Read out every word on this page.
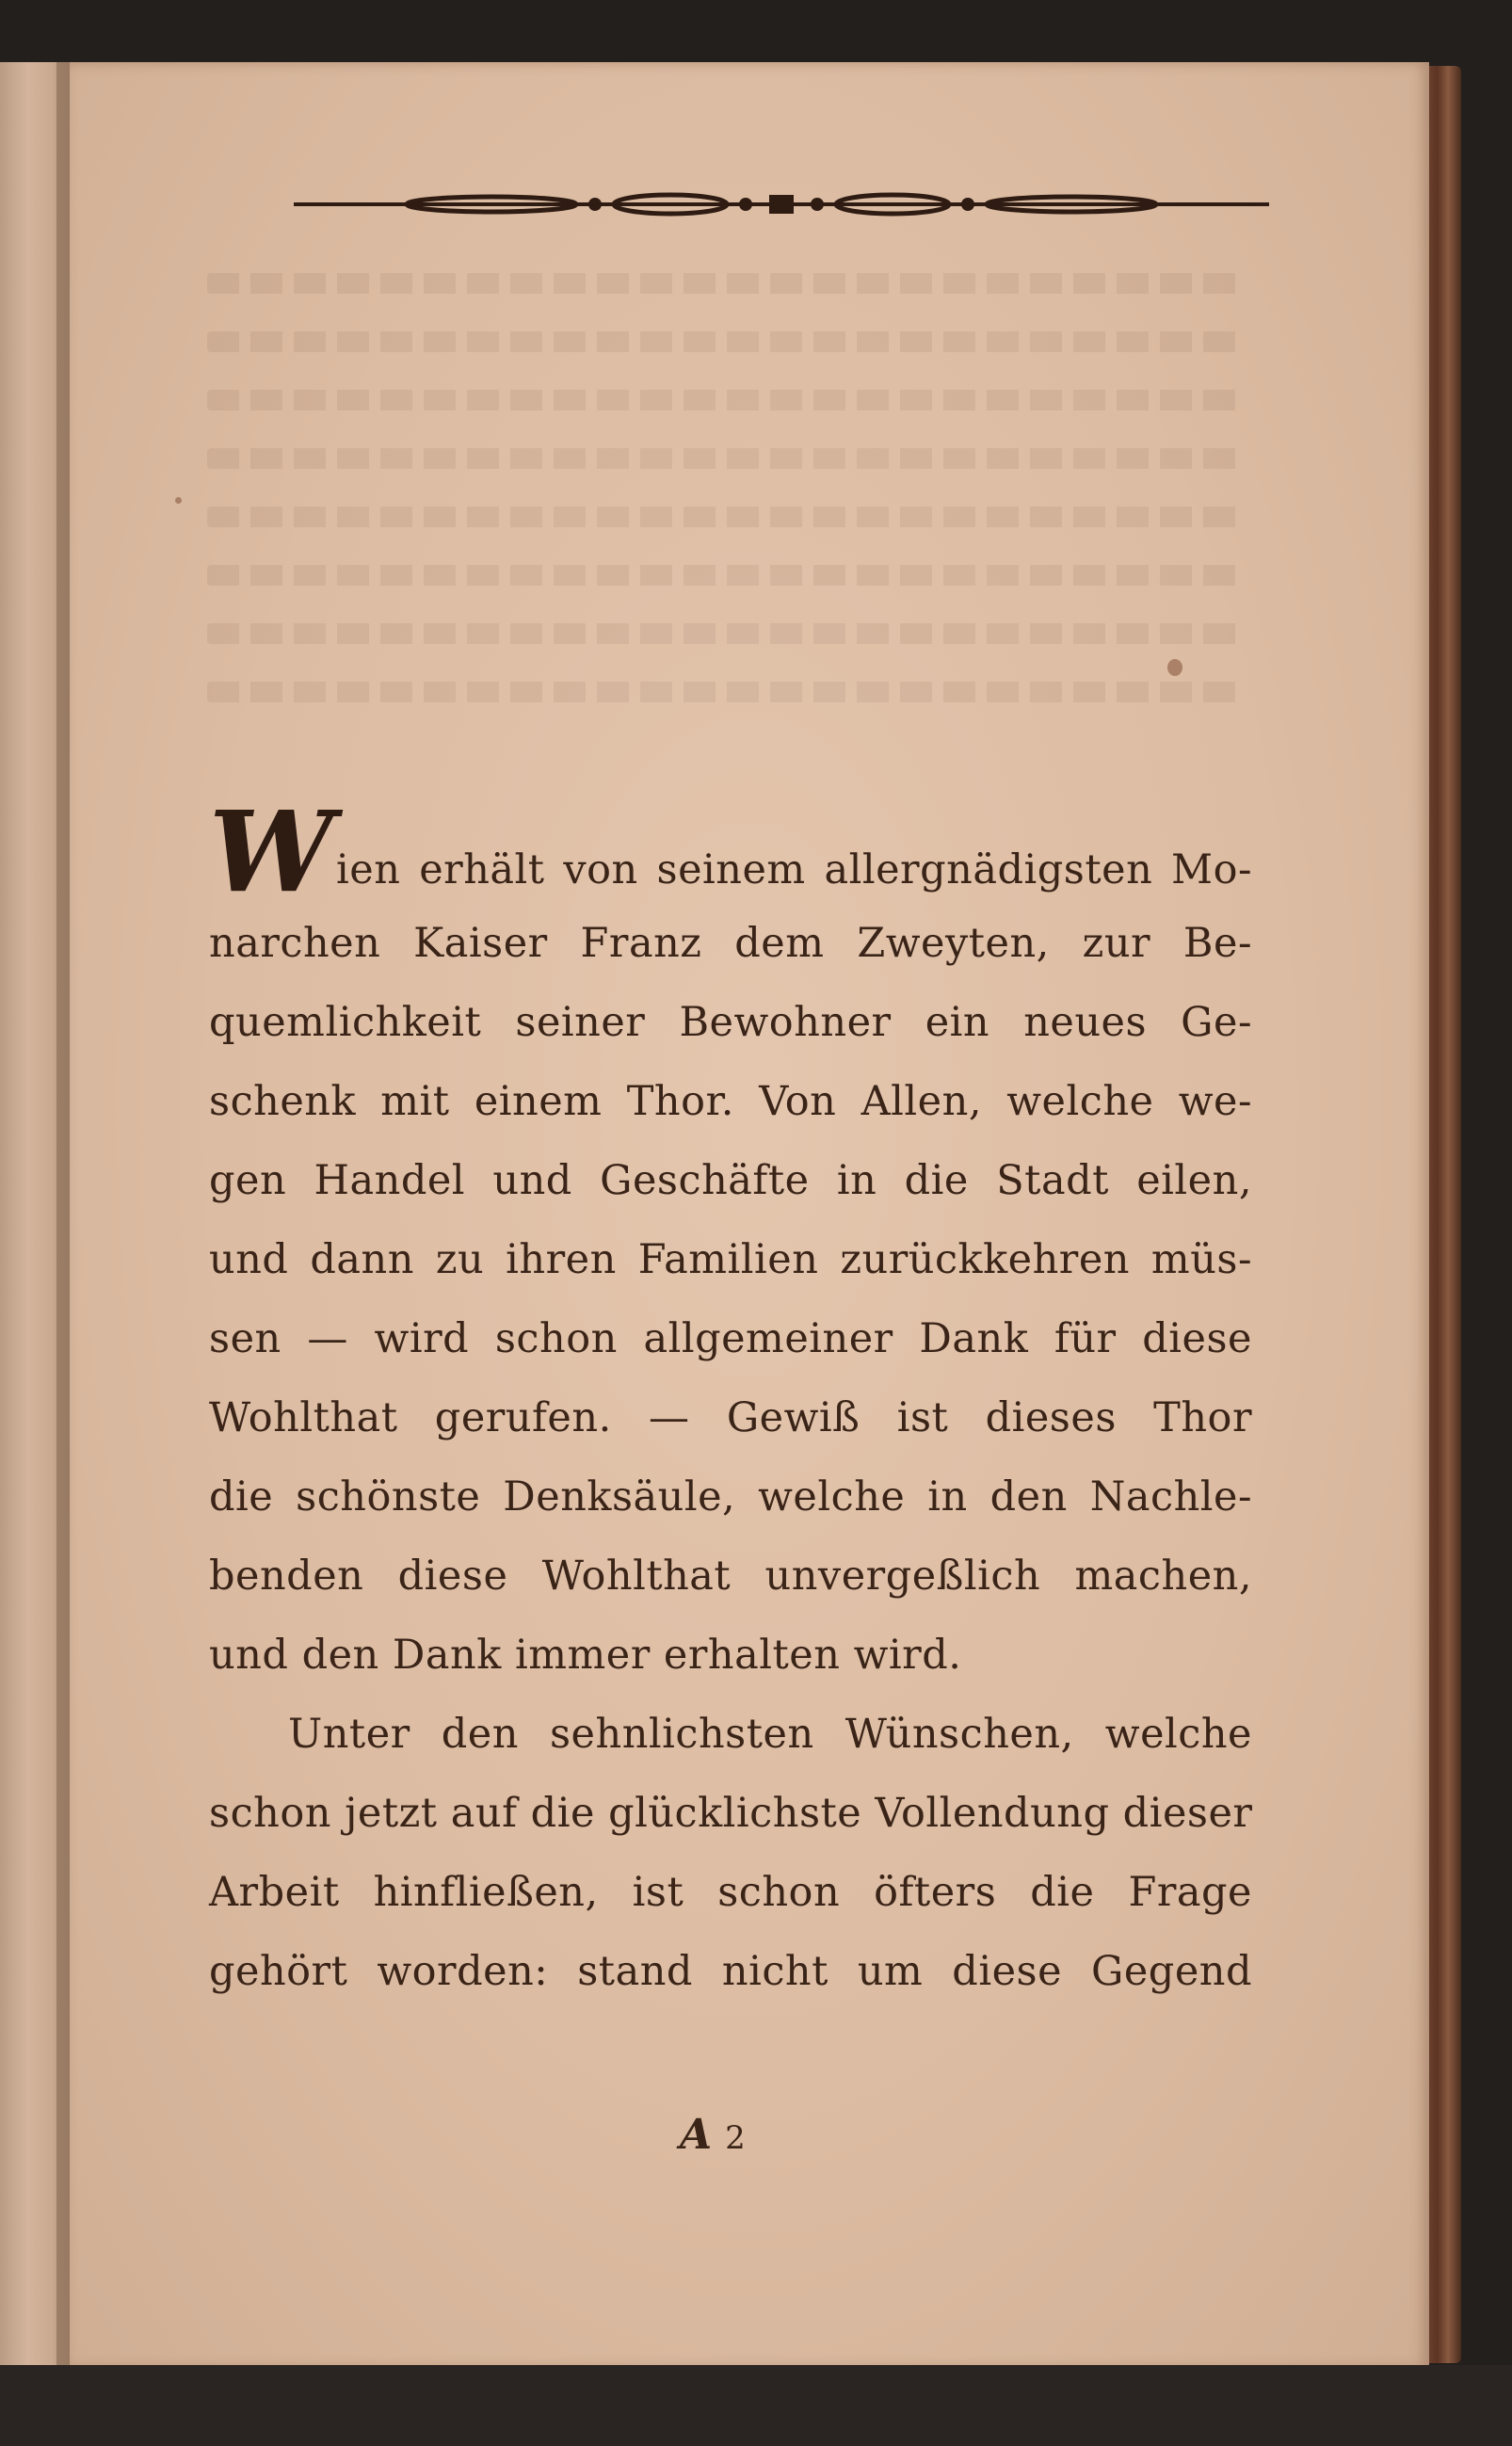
Wien erhält von seinem allergnädigsten Mo-
narchen Kaiser Franz dem Zweyten, zur Be-
quemlichkeit seiner Bewohner ein neues Ge-
schenk mit einem Thor. Von Allen, welche we-
gen Handel und Geschäfte in die Stadt eilen,
und dann zu ihren Familien zurückkehren müs-
sen — wird schon allgemeiner Dank für diese
Wohlthat gerufen. — Gewiß ist dieses Thor
die schönste Denksäule, welche in den Nachle-
benden diese Wohlthat unvergeßlich machen,
und den Dank immer erhalten wird.
Unter den sehnlichsten Wünschen, welche
schon jetzt auf die glücklichste Vollendung dieser
Arbeit hinfließen, ist schon öfters die Frage
gehört worden: stand nicht um diese Gegend
A 2
